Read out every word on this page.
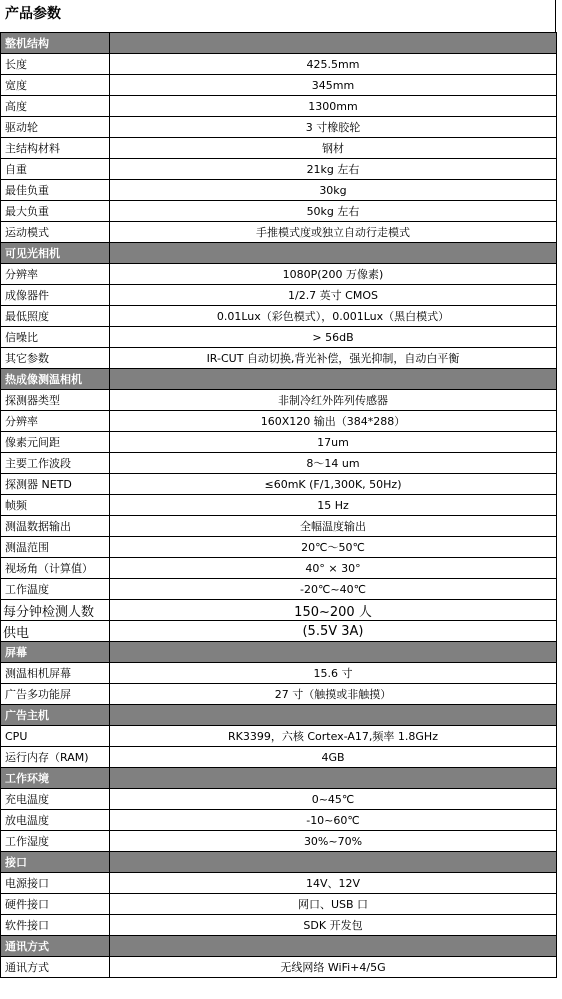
产品参数
整机结构	
长度	425.5mm
宽度	345mm
高度	1300mm
驱动轮	3 寸橡胶轮
主结构材料	钢材
自重	21kg 左右
最佳负重	30kg
最大负重	50kg 左右
运动模式	手推模式度或独立自动行走模式
可见光相机	
分辨率	1080P(200 万像素)
成像器件	1/2.7 英寸 CMOS
最低照度	0.01Lux（彩色模式），0.001Lux（黑白模式）
信噪比	> 56dB
其它参数	IR-CUT 自动切换,背光补偿，强光抑制，自动白平衡
热成像测温相机	
探测器类型	非制冷红外阵列传感器
分辨率	160X120 输出（384*288）
像素元间距	17um
主要工作波段	8～14 um
探测器 NETD	≤60mK (F/1,300K, 50Hz)
帧频	15 Hz
测温数据输出	全幅温度输出
测温范围	20℃～50℃
视场角（计算值）	40° × 30°
工作温度	-20℃~40℃
每分钟检测人数	150~200 人
供电	(5.5V 3A)
屏幕	
测温相机屏幕	15.6 寸
广告多功能屏	27 寸（触摸或非触摸）
广告主机	
CPU	RK3399，六核 Cortex-A17,频率 1.8GHz
运行内存（RAM)	4GB
工作环境	
充电温度	0~45℃
放电温度	-10~60℃
工作湿度	30%~70%
接口	
电源接口	14V、12V
硬件接口	网口、USB 口
软件接口	SDK 开发包
通讯方式	
通讯方式	无线网络 WiFi+4/5G
